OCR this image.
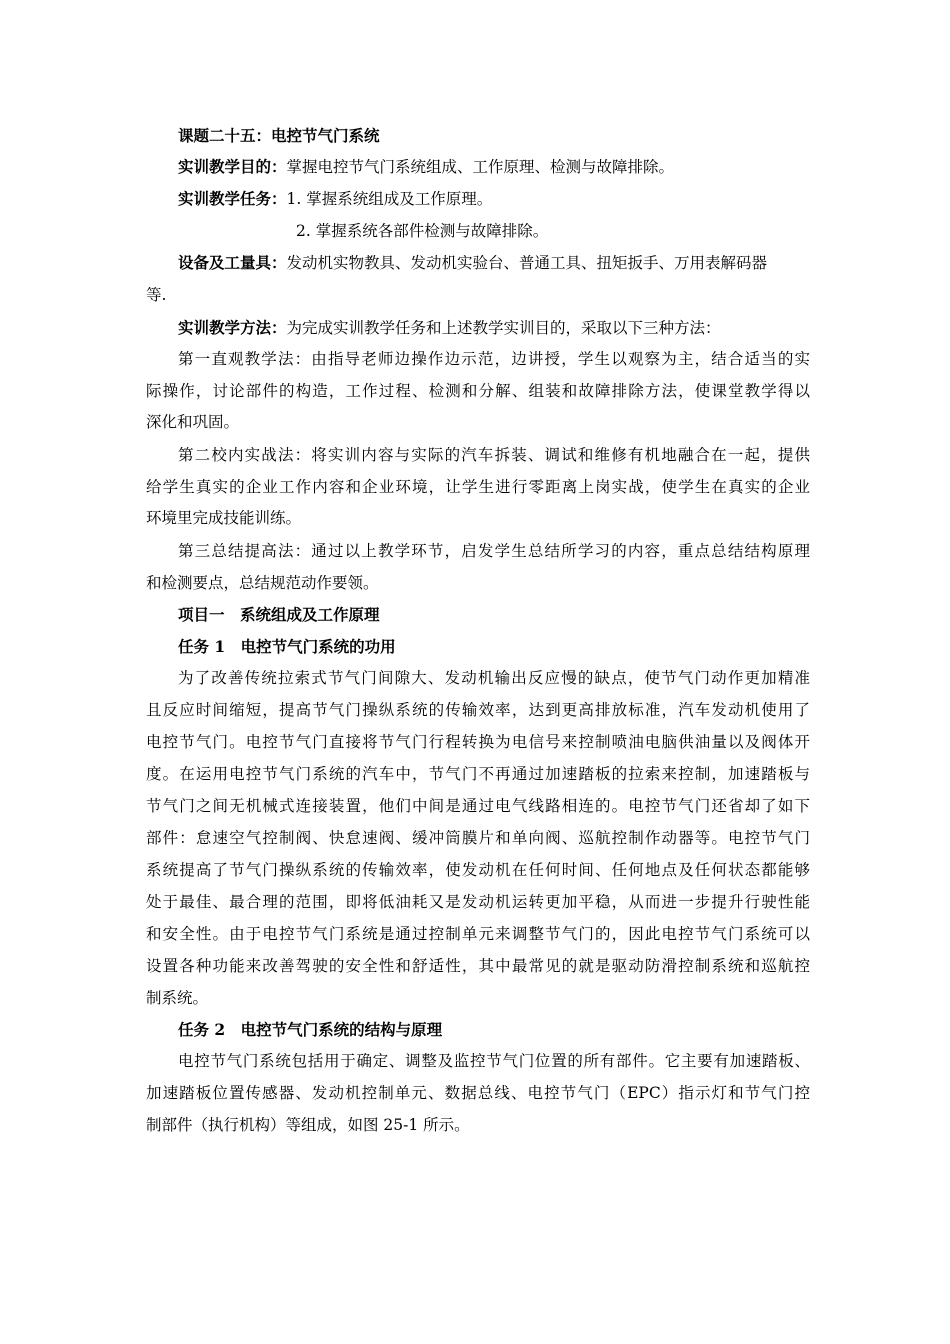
课题二十五：电控节气门系统
实训教学目的：掌握电控节气门系统组成、工作原理、检测与故障排除。
实训教学任务：1. 掌握系统组成及工作原理。
2. 掌握系统各部件检测与故障排除。
设备及工量具：发动机实物教具、发动机实验台、普通工具、扭矩扳手、万用表解码器
等.
实训教学方法：为完成实训教学任务和上述教学实训目的，采取以下三种方法：
第一直观教学法：由指导老师边操作边示范，边讲授，学生以观察为主，结合适当的实
际操作，讨论部件的构造，工作过程、检测和分解、组装和故障排除方法，使课堂教学得以
深化和巩固。
第二校内实战法：将实训内容与实际的汽车拆装、调试和维修有机地融合在一起，提供
给学生真实的企业工作内容和企业环境，让学生进行零距离上岗实战，使学生在真实的企业
环境里完成技能训练。
第三总结提高法：通过以上教学环节，启发学生总结所学习的内容，重点总结结构原理
和检测要点，总结规范动作要领。
项目一　系统组成及工作原理
任务 1　电控节气门系统的功用
为了改善传统拉索式节气门间隙大、发动机输出反应慢的缺点，使节气门动作更加精准
且反应时间缩短，提高节气门操纵系统的传输效率，达到更高排放标准，汽车发动机使用了
电控节气门。电控节气门直接将节气门行程转换为电信号来控制喷油电脑供油量以及阀体开
度。在运用电控节气门系统的汽车中，节气门不再通过加速踏板的拉索来控制，加速踏板与
节气门之间无机械式连接装置，他们中间是通过电气线路相连的。电控节气门还省却了如下
部件：怠速空气控制阀、快怠速阀、缓冲筒膜片和单向阀、巡航控制作动器等。电控节气门
系统提高了节气门操纵系统的传输效率，使发动机在任何时间、任何地点及任何状态都能够
处于最佳、最合理的范围，即将低油耗又是发动机运转更加平稳，从而进一步提升行驶性能
和安全性。由于电控节气门系统是通过控制单元来调整节气门的，因此电控节气门系统可以
设置各种功能来改善驾驶的安全性和舒适性，其中最常见的就是驱动防滑控制系统和巡航控
制系统。
任务 2　电控节气门系统的结构与原理
电控节气门系统包括用于确定、调整及监控节气门位置的所有部件。它主要有加速踏板、
加速踏板位置传感器、发动机控制单元、数据总线、电控节气门（EPC）指示灯和节气门控
制部件（执行机构）等组成，如图 25-1 所示。
